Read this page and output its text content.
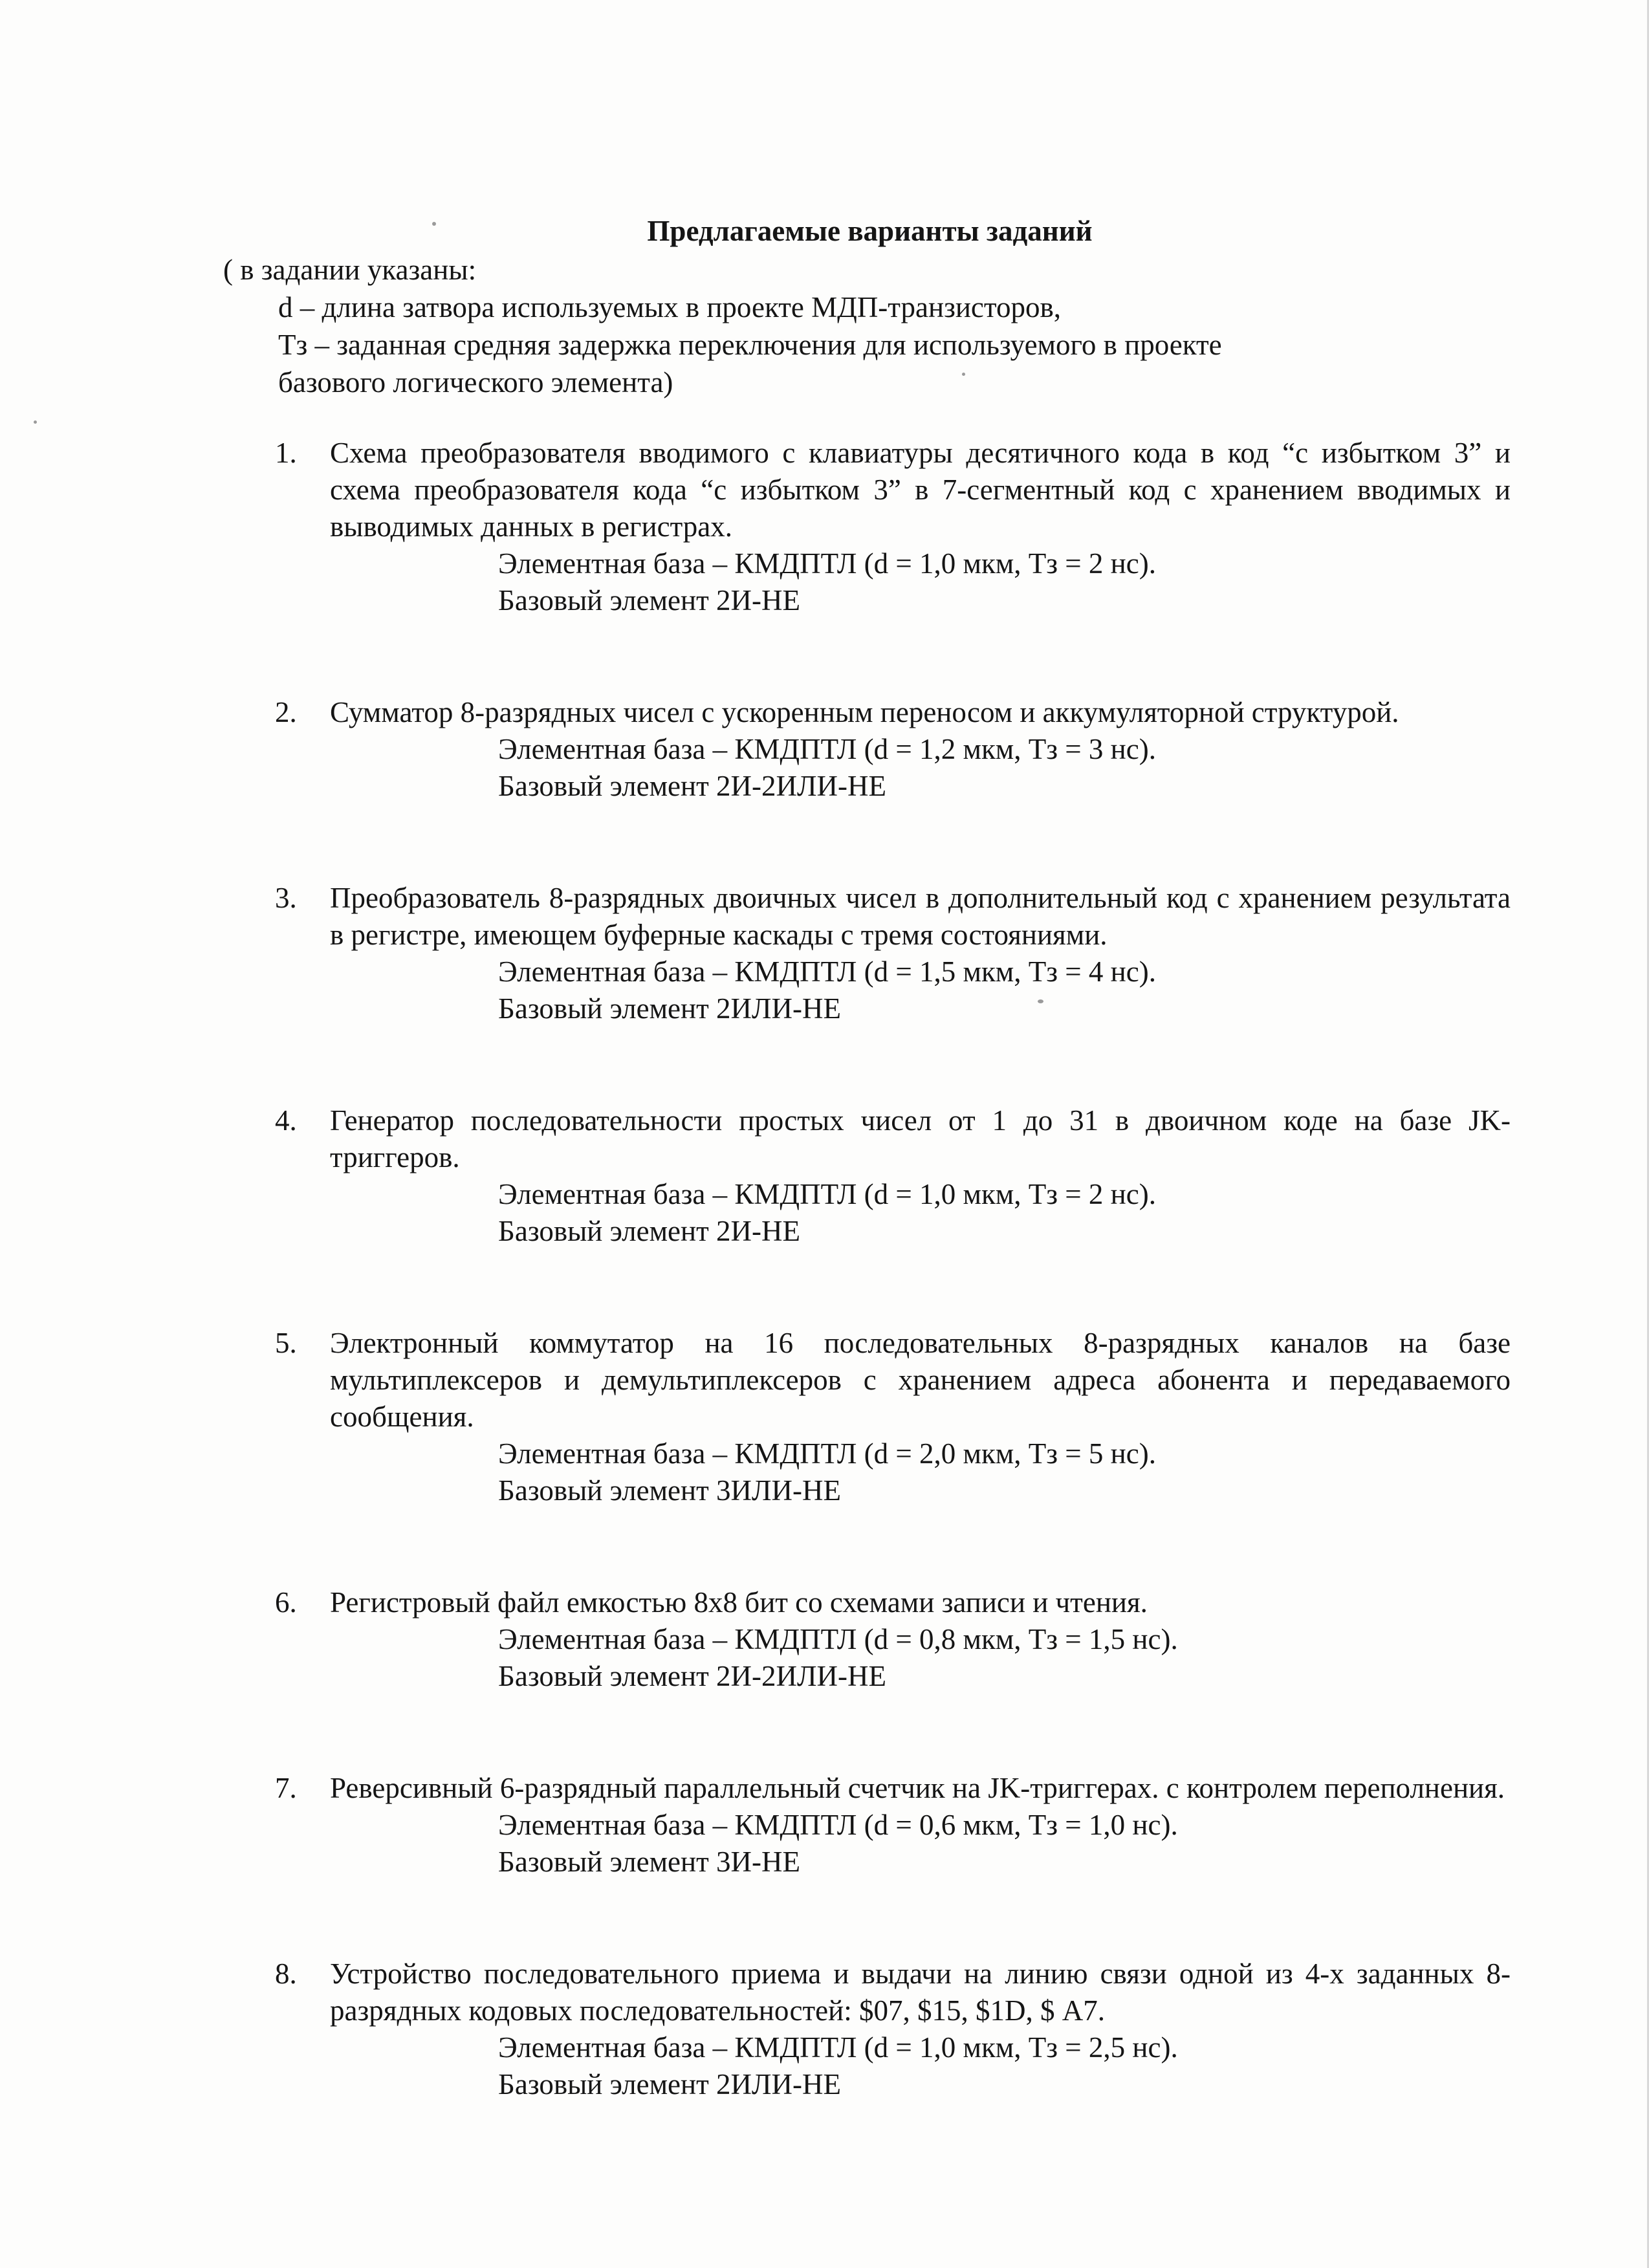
Предлагаемые варианты заданий
( в задании указаны:
d – длина затвора используемых в проекте МДП-транзисторов,
Тз – заданная средняя задержка переключения для используемого в проекте
базового логического элемента)
1.	Схема преобразователя вводимого с клавиатуры десятичного кода в код “с избытком 3” и схема преобразователя кода “с избытком 3” в 7-сегментный код с хранением вводимых и выводимых данных в регистрах.
Элементная база – КМДПТЛ (d = 1,0 мкм, Тз = 2 нс).
Базовый элемент 2И-НЕ
2.	Сумматор 8-разрядных чисел с ускоренным переносом и аккумуляторной структурой.
Элементная база – КМДПТЛ (d = 1,2 мкм, Тз = 3 нс).
Базовый элемент 2И-2ИЛИ-НЕ
3.	Преобразователь 8-разрядных двоичных чисел в дополнительный код с хранением результата в регистре, имеющем буферные каскады с тремя состояниями.
Элементная база – КМДПТЛ (d = 1,5 мкм, Тз = 4 нс).
Базовый элемент 2ИЛИ-НЕ
4.	Генератор последовательности простых чисел от 1 до 31 в двоичном коде на базе JK-триггеров.
Элементная база – КМДПТЛ (d = 1,0 мкм, Тз = 2 нс).
Базовый элемент 2И-НЕ
5.	Электронный коммутатор на 16 последовательных 8-разрядных каналов на базе мультиплексеров и демультиплексеров с хранением адреса абонента и передаваемого сообщения.
Элементная база – КМДПТЛ (d = 2,0 мкм, Тз = 5 нс).
Базовый элемент 3ИЛИ-НЕ
6.	Регистровый файл емкостью 8х8 бит со схемами записи и чтения.
Элементная база – КМДПТЛ (d = 0,8 мкм, Тз = 1,5 нс).
Базовый элемент 2И-2ИЛИ-НЕ
7.	Реверсивный 6-разрядный параллельный счетчик на JK-триггерах. с контролем переполнения.
Элементная база – КМДПТЛ (d = 0,6 мкм, Тз = 1,0 нс).
Базовый элемент 3И-НЕ
8.	Устройство последовательного приема и выдачи на линию связи одной из 4-х заданных 8-разрядных кодовых последовательностей: $07, $15, $1D, $ А7.
Элементная база – КМДПТЛ (d = 1,0 мкм, Тз = 2,5 нс).
Базовый элемент 2ИЛИ-НЕ
